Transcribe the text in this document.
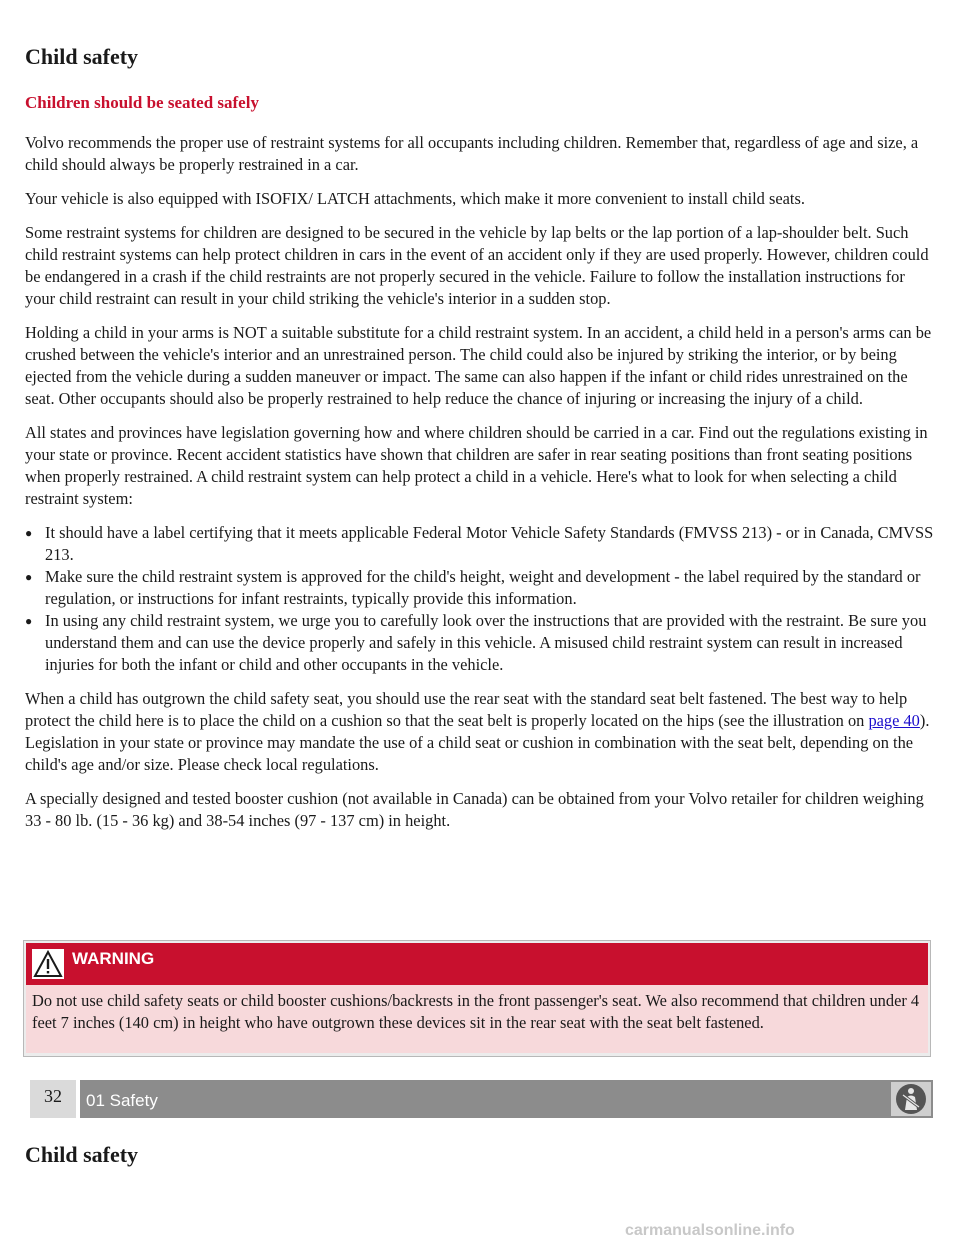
Child safety
Children should be seated safely

Volvo recommends the proper use of restraint systems for all occupants including children. Remember that, regardless of age and size, a child should always be properly restrained in a car.

Your vehicle is also equipped with ISOFIX/ LATCH attachments, which make it more convenient to install child seats.

Some restraint systems for children are designed to be secured in the vehicle by lap belts or the lap portion of a lap-shoulder belt. Such child restraint systems can help protect children in cars in the event of an accident only if they are used properly. However, children could be endangered in a crash if the child restraints are not properly secured in the vehicle. Failure to follow the installation instructions for your child restraint can result in your child striking the vehicle's interior in a sudden stop.

Holding a child in your arms is NOT a suitable substitute for a child restraint system. In an accident, a child held in a person's arms can be crushed between the vehicle's interior and an unrestrained person. The child could also be injured by striking the interior, or by being ejected from the vehicle during a sudden maneuver or impact. The same can also happen if the infant or child rides unrestrained on the seat. Other occupants should also be properly restrained to help reduce the chance of injuring or increasing the injury of a child.

All states and provinces have legislation governing how and where children should be carried in a car. Find out the regulations existing in your state or province. Recent accident statistics have shown that children are safer in rear seating positions than front seating positions when properly restrained. A child restraint system can help protect a child in a vehicle. Here's what to look for when selecting a child restraint system:

● It should have a label certifying that it meets applicable Federal Motor Vehicle Safety Standards (FMVSS 213) - or in Canada, CMVSS 213.
● Make sure the child restraint system is approved for the child's height, weight and development - the label required by the standard or regulation, or instructions for infant restraints, typically provide this information.
● In using any child restraint system, we urge you to carefully look over the instructions that are provided with the restraint. Be sure you understand them and can use the device properly and safely in this vehicle. A misused child restraint system can result in increased injuries for both the infant or child and other occupants in the vehicle.

When a child has outgrown the child safety seat, you should use the rear seat with the standard seat belt fastened. The best way to help protect the child here is to place the child on a cushion so that the seat belt is properly located on the hips (see the illustration on page 40). Legislation in your state or province may mandate the use of a child seat or cushion in combination with the seat belt, depending on the child's age and/or size. Please check local regulations.

A specially designed and tested booster cushion (not available in Canada) can be obtained from your Volvo retailer for children weighing 33 - 80 lb. (15 - 36 kg) and 38-54 inches (97 - 137 cm) in height.

WARNING
Do not use child safety seats or child booster cushions/backrests in the front passenger's seat. We also recommend that children under 4 feet 7 inches (140 cm) in height who have outgrown these devices sit in the rear seat with the seat belt fastened.
32	01 Safety
Child safety
carmanualsonline.info
